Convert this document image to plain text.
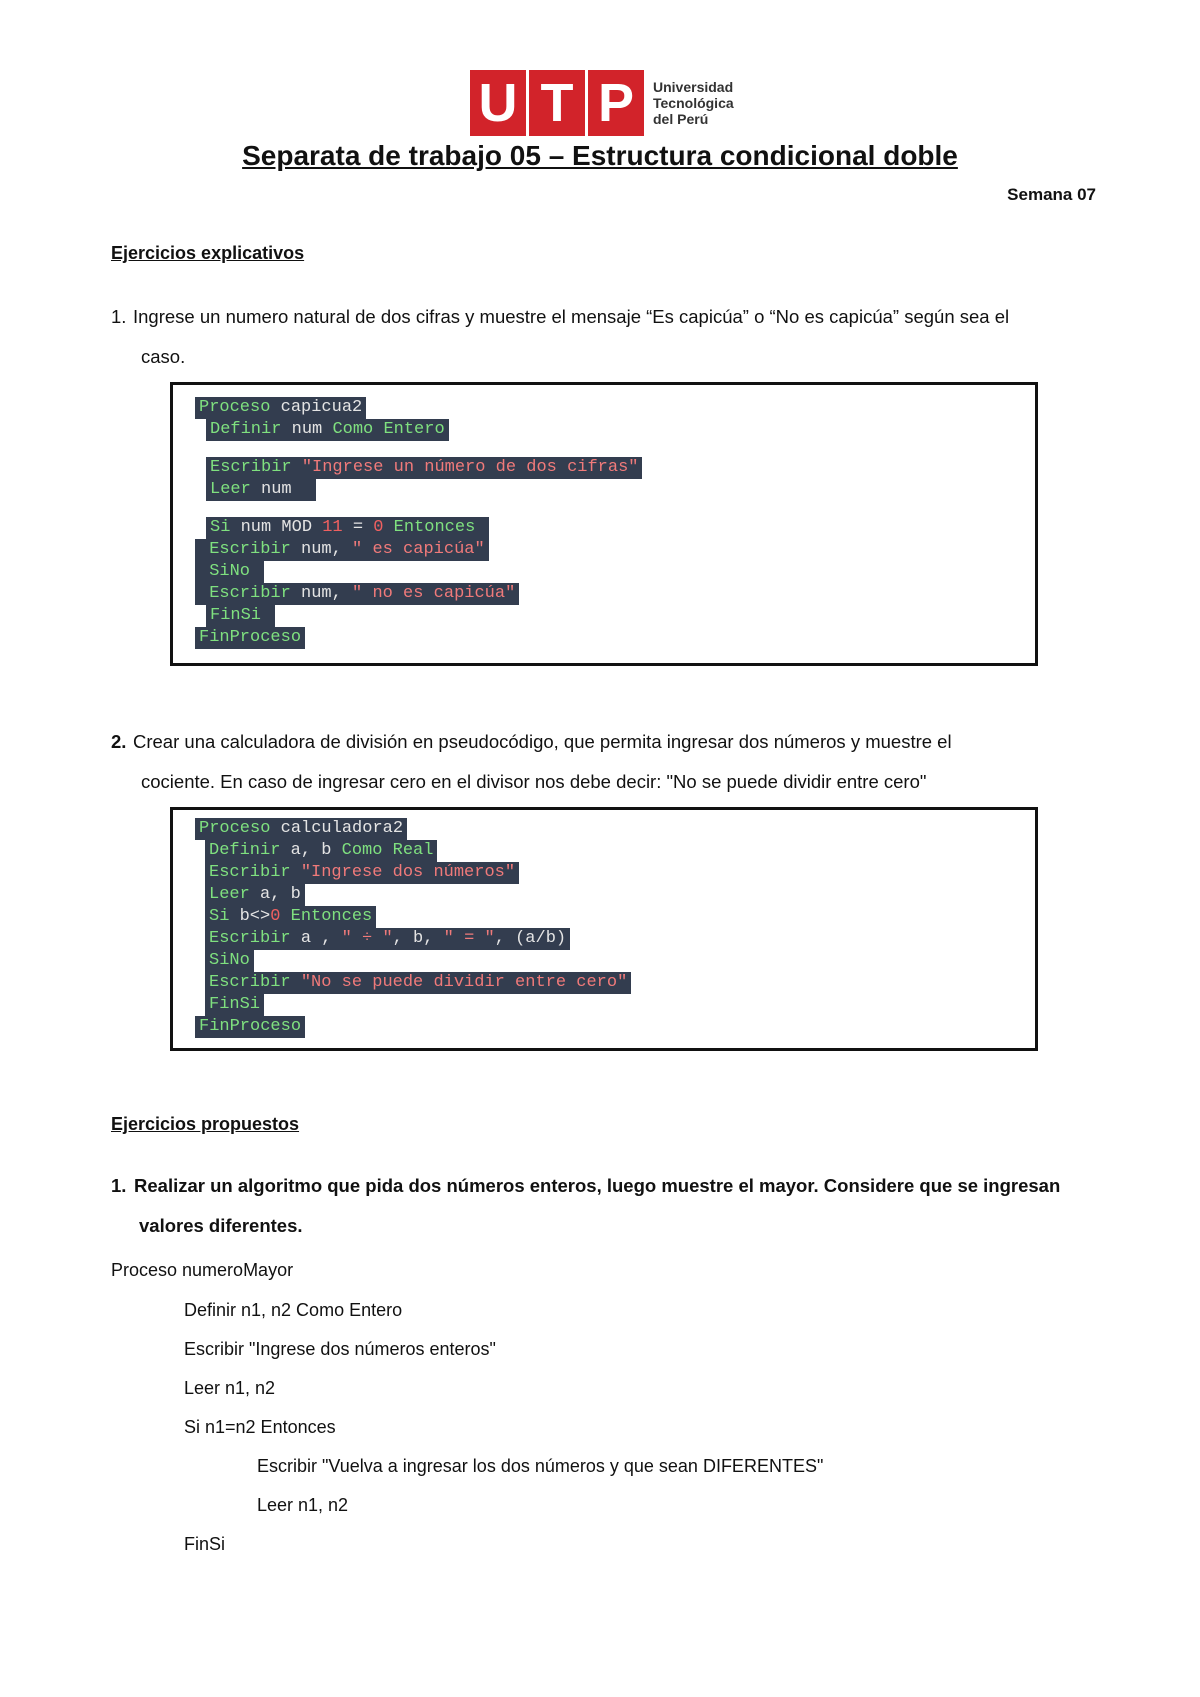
U T P	Universidad
Tecnológica
del Perú
Separata de trabajo 05 – Estructura condicional doble
Semana 07
Ejercicios explicativos
1. Ingrese un numero natural de dos cifras y muestre el mensaje “Es capicúa” o “No es capicúa” según sea el
caso.
Proceso capicua2
Definir num Como Entero
Escribir "Ingrese un número de dos cifras"
Leer num
Si num MOD 11 = 0 Entonces
Escribir num, " es capicúa"
SiNo
Escribir num, " no es capicúa"
FinSi
FinProceso
2. Crear una calculadora de división en pseudocódigo, que permita ingresar dos números y muestre el
cociente. En caso de ingresar cero en el divisor nos debe decir: "No se puede dividir entre cero"
Proceso calculadora2
Definir a, b Como Real
Escribir "Ingrese dos números"
Leer a, b
Si b<>0 Entonces
Escribir a , " ÷ ", b, " = ", (a/b)
SiNo
Escribir "No se puede dividir entre cero"
FinSi
FinProceso
Ejercicios propuestos
1. Realizar un algoritmo que pida dos números enteros, luego muestre el mayor. Considere que se ingresan
valores diferentes.
Proceso numeroMayor
Definir n1, n2 Como Entero
Escribir "Ingrese dos números enteros"
Leer n1, n2
Si n1=n2 Entonces
Escribir "Vuelva a ingresar los dos números y que sean DIFERENTES"
Leer n1, n2
FinSi
